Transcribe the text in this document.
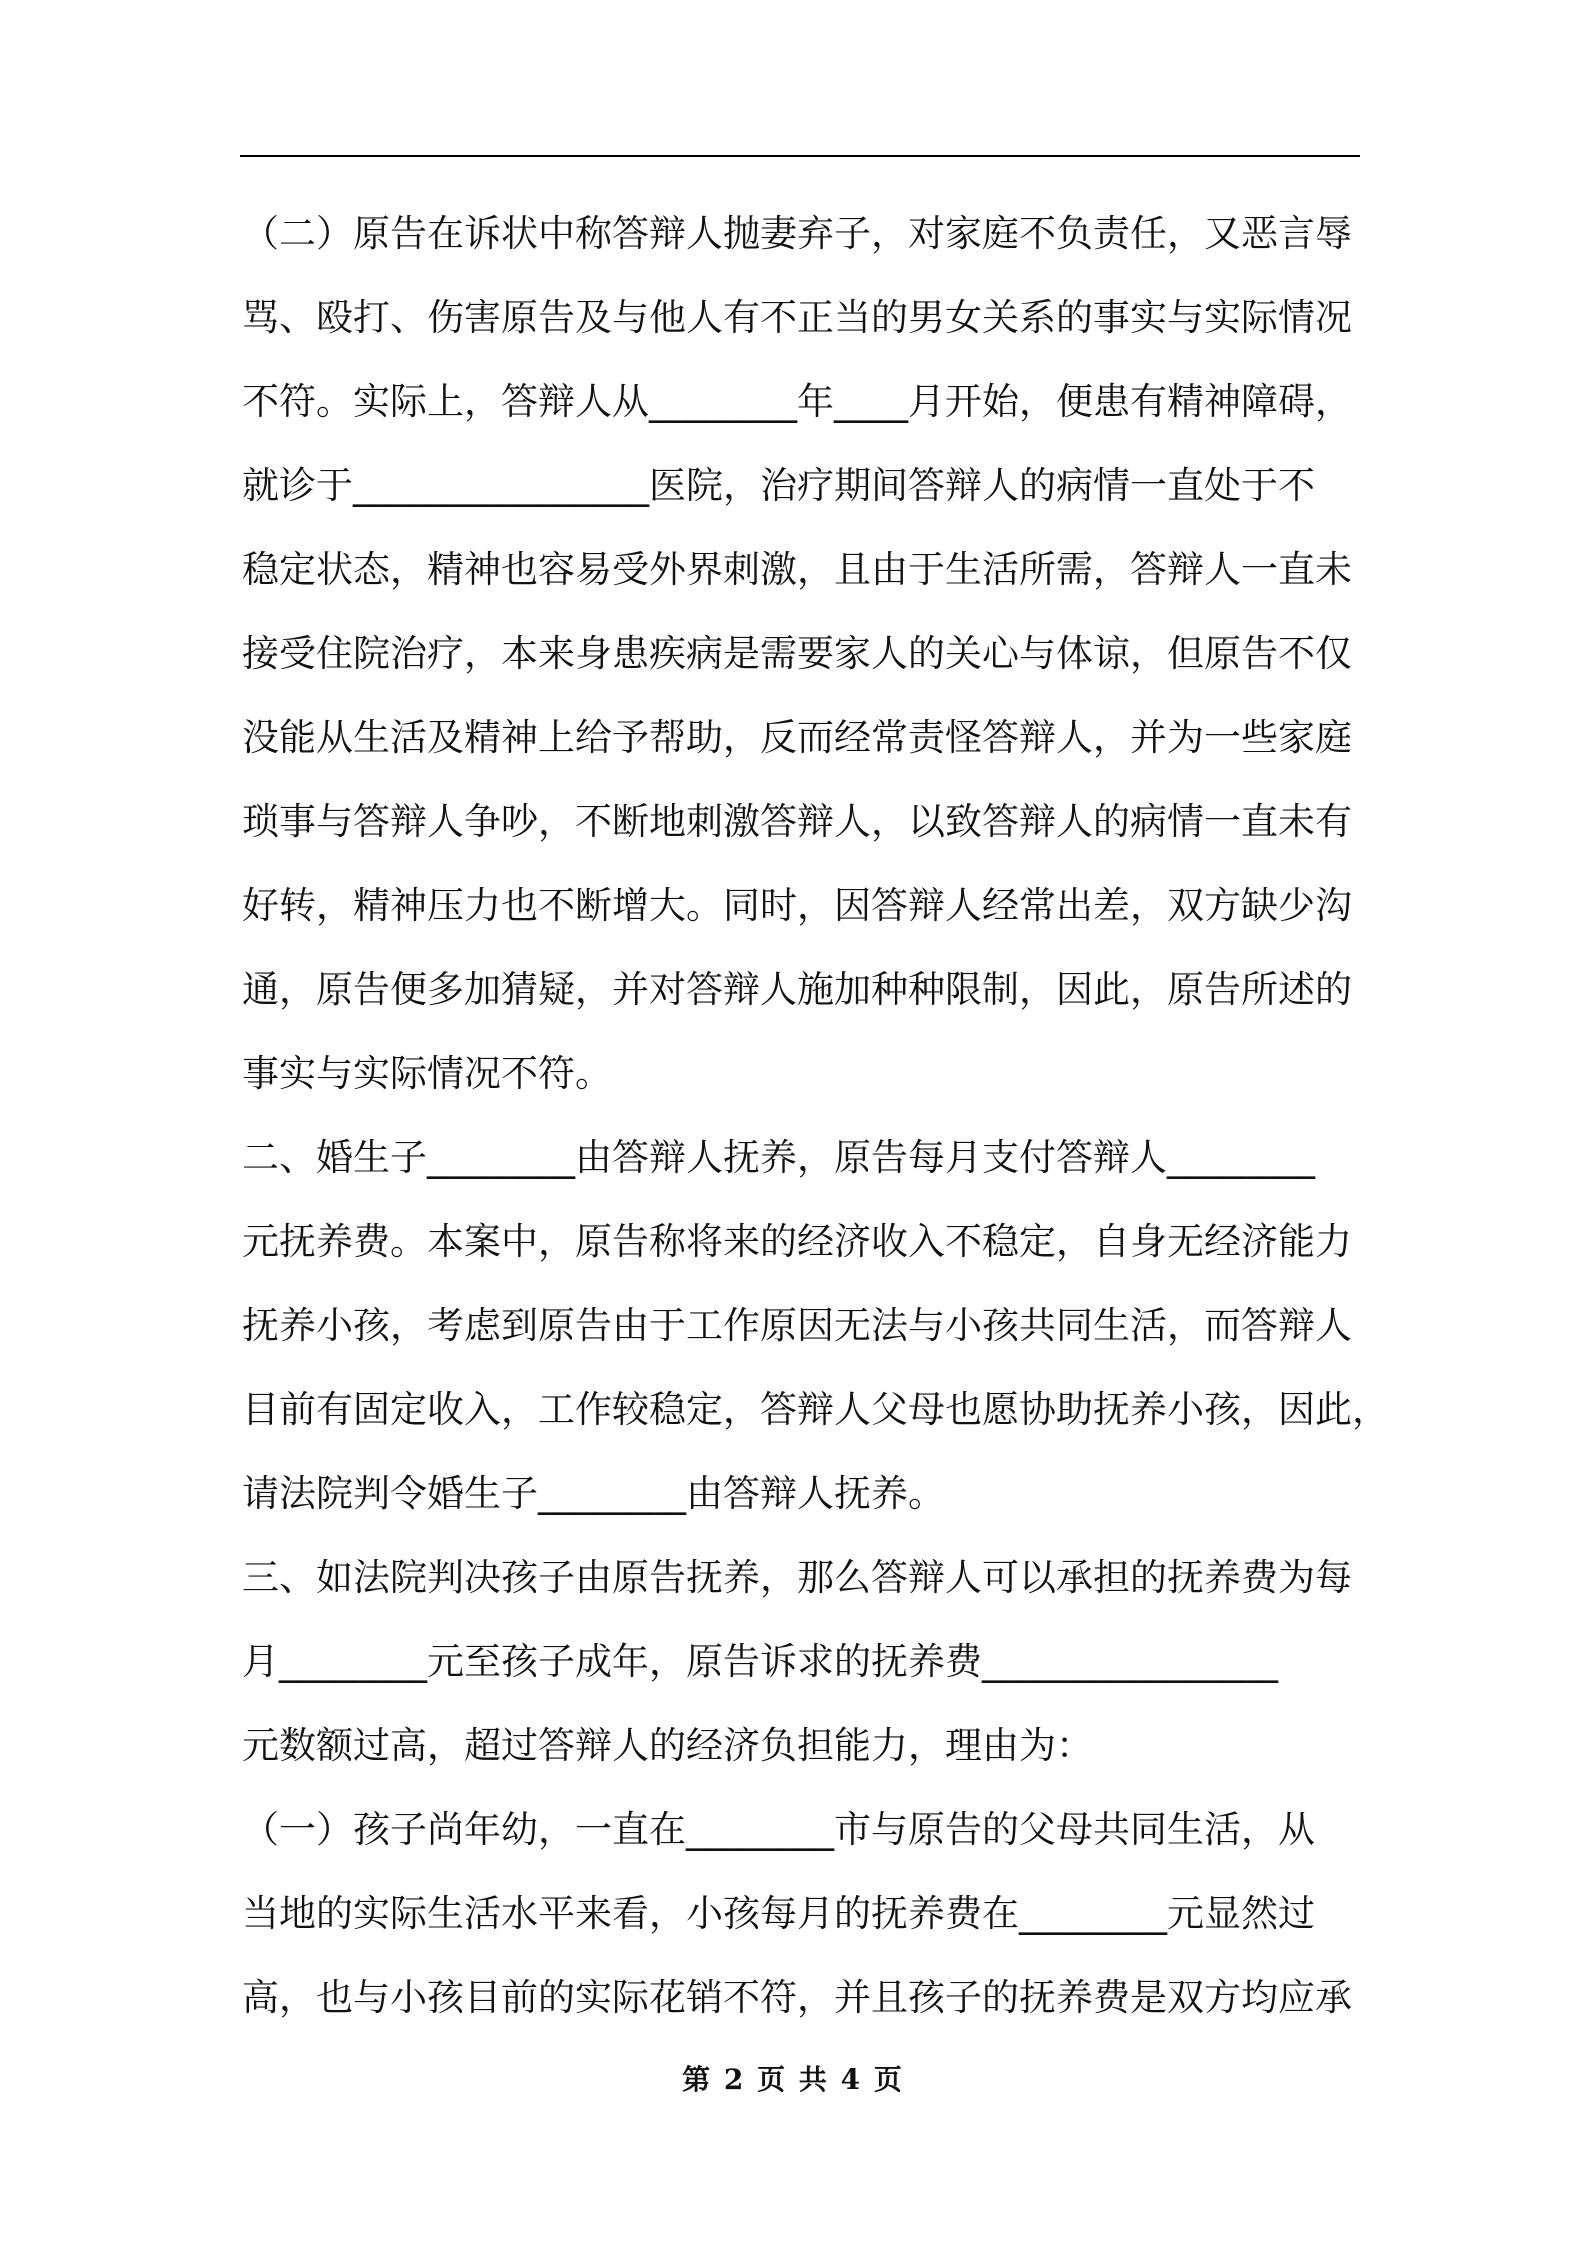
（二）原告在诉状中称答辩人抛妻弃子，对家庭不负责任，又恶言辱
骂、殴打、伤害原告及与他人有不正当的男女关系的事实与实际情况
不符。实际上，答辩人从________年____月开始，便患有精神障碍，
就诊于________________医院，治疗期间答辩人的病情一直处于不
稳定状态，精神也容易受外界刺激，且由于生活所需，答辩人一直未
接受住院治疗，本来身患疾病是需要家人的关心与体谅，但原告不仅
没能从生活及精神上给予帮助，反而经常责怪答辩人，并为一些家庭
琐事与答辩人争吵，不断地刺激答辩人，以致答辩人的病情一直未有
好转，精神压力也不断增大。同时，因答辩人经常出差，双方缺少沟
通，原告便多加猜疑，并对答辩人施加种种限制，因此，原告所述的
事实与实际情况不符。
二、婚生子________由答辩人抚养，原告每月支付答辩人________
元抚养费。本案中，原告称将来的经济收入不稳定，自身无经济能力
抚养小孩，考虑到原告由于工作原因无法与小孩共同生活，而答辩人
目前有固定收入，工作较稳定，答辩人父母也愿协助抚养小孩，因此，
请法院判令婚生子________由答辩人抚养。
三、如法院判决孩子由原告抚养，那么答辩人可以承担的抚养费为每
月________元至孩子成年，原告诉求的抚养费________________
元数额过高，超过答辩人的经济负担能力，理由为：
（一）孩子尚年幼，一直在________市与原告的父母共同生活，从
当地的实际生活水平来看，小孩每月的抚养费在________元显然过
高，也与小孩目前的实际花销不符，并且孩子的抚养费是双方均应承
第 2 页 共 4 页
